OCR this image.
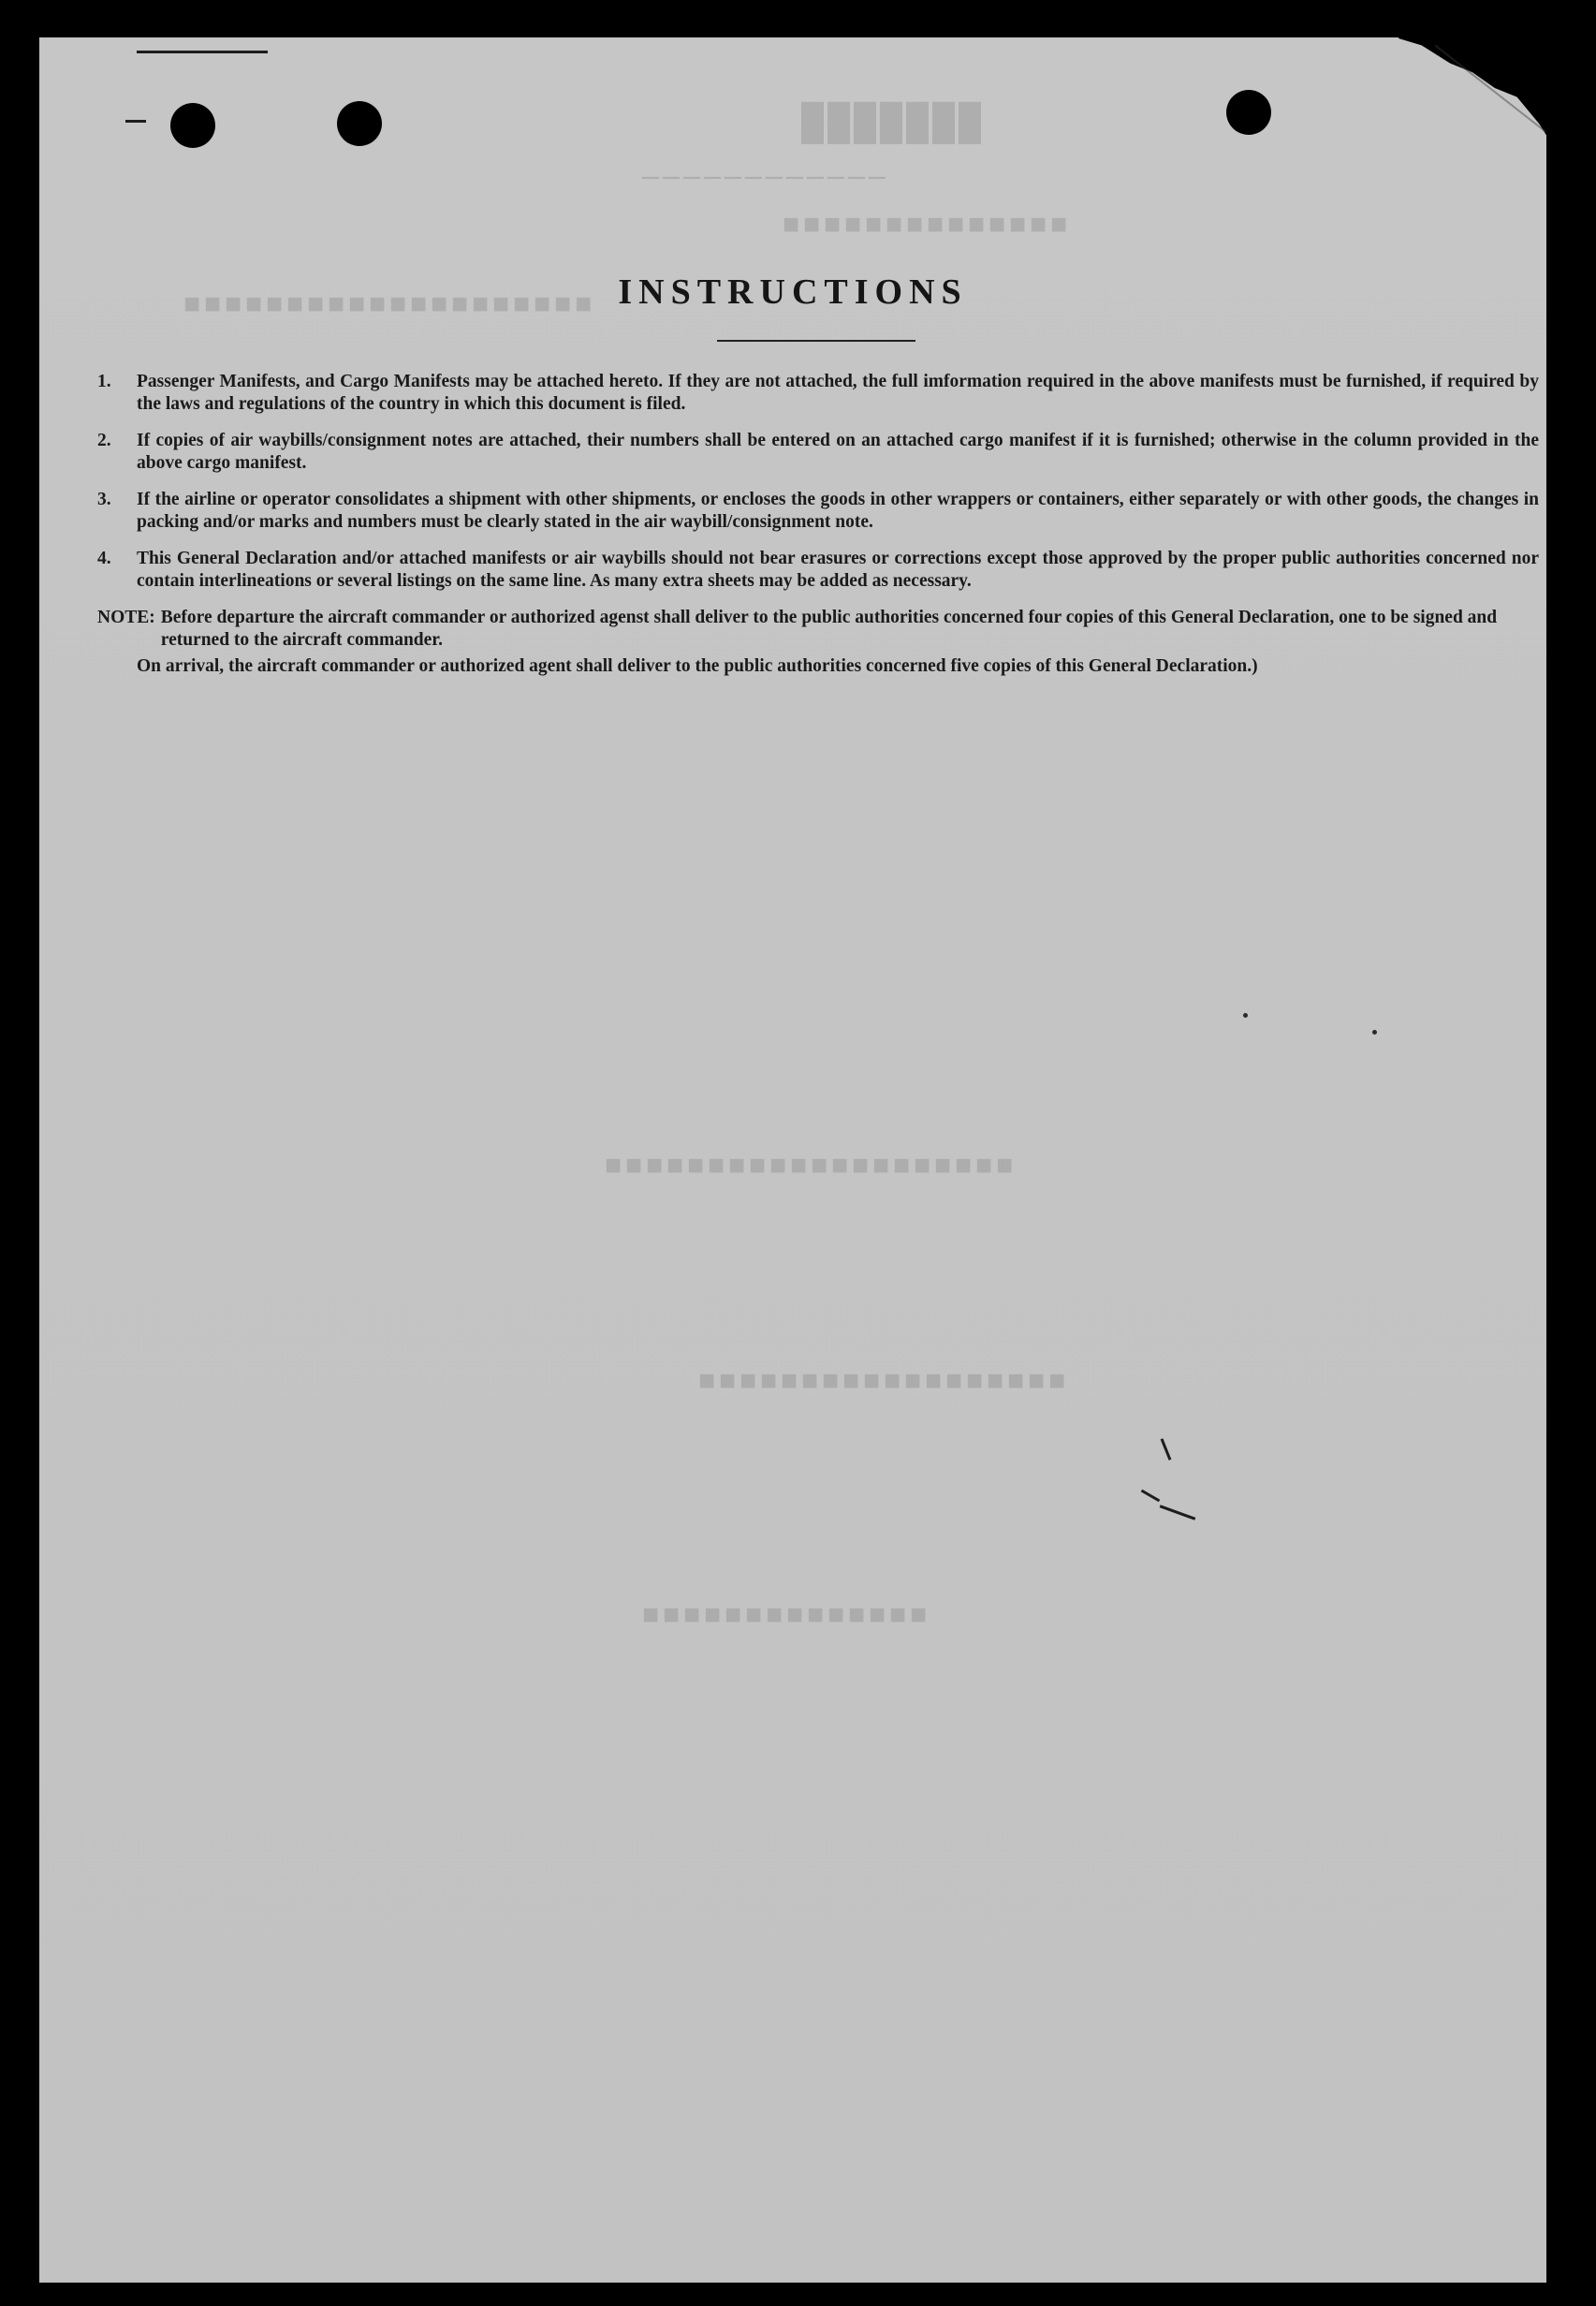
███████
────────────
■■■■■■■■■■■■■■
■■■■■■■■■■■■■■■■■■■■
■■■■■■■■■■■■■■■■■■■■
■■■■■■■■■■■■■■■■■■
■■■■■■■■■■■■■■
INSTRUCTIONS
1.	Passenger Manifests, and Cargo Manifests may be attached hereto. If they are not attached, the full imformation required in the above manifests must be furnished, if required by the laws and regulations of the country in which this document is filed.
2.	If copies of air waybills/consignment notes are attached, their numbers shall be entered on an attached cargo manifest if it is furnished; otherwise in the column provided in the above cargo manifest.
3.	If the airline or operator consolidates a shipment with other shipments, or encloses the goods in other wrappers or containers, either separately or with other goods, the changes in packing and/or marks and numbers must be clearly stated in the air waybill/consignment note.
4.	This General Declaration and/or attached manifests or air waybills should not bear erasures or corrections except those approved by the proper public authorities concerned nor contain interlineations or several listings on the same line. As many extra sheets may be added as necessary.
NOTE: Before departure the aircraft commander or authorized agenst shall deliver to the public authorities concerned four copies of this General Declaration, one to be signed and returned to the aircraft commander.
On arrival, the aircraft commander or authorized agent shall deliver to the public authorities concerned five copies of this General Declaration.)
